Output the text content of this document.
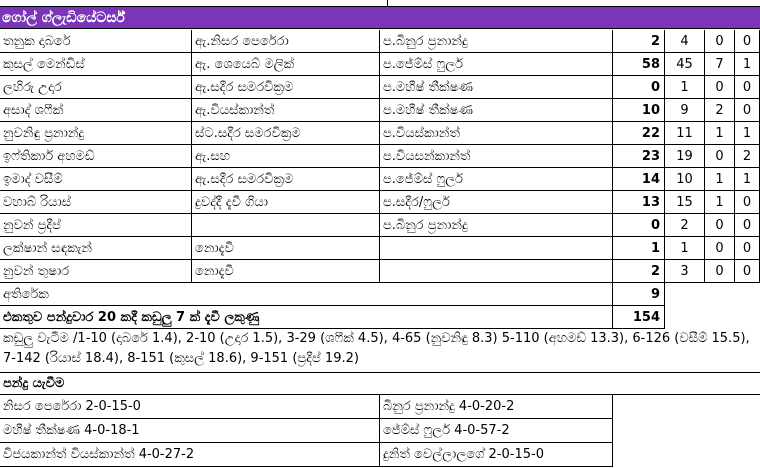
ගෝල් ග්ලැඩියේටර්ස්
තනුක දාබරේ	ඇ.නිසර පෙරේරා	ප.බිනුර ප්‍රනාන්දු	2	4	0	0
කුසල් මෙන්ඩිස්	ඇ. ශෙයෙබ් මලික්	ප.ජේම්ස් ෆුලර්	58	45	7	1
ලහිරු උදාර	ඇ.සදීර සමරවික්‍රම	ප.මහීෂ් තීක්ෂණ	0	1	0	0
අසාද් ශෆීක්	ඇ.වියස්කාන්ත්	ප.මහීෂ් තීක්ෂණ	10	9	2	0
නුවනිඳු ප්‍රනාන්දු	ස්ට.සදීර සමරවික්‍රම	ප.වියස්කාන්ත්	22	11	1	1
ඉෆ්තිකාර් අහමඩ්	ඇ.සහ	ප.වියසන්කාන්ත්	23	19	0	2
ඉමාද් වසීම්	ඇ.සදීර සමරවික්‍රම	ප.ජේම්ස් ෆුලර්	14	10	1	1
වහාබ් රියාස්	දුවද්දී දැවී ගියා	ප.සදීර/ෆුලර්	13	15	1	0
නුවන් ප්‍රදීප්	ප.බිනුර ප්‍රනාන්දු	0	2	0	0
ලක්ෂාන් සඳකැන්	නොදැවී	1	1	0	0
නුවන් තුෂාර	නොදැවී	2	3	0	0
අතිරේක	9
එකතුව පන්දුවාර 20 කදී කඩුලු 7 ක් දැවී ලකුණු	154
කඩුලු වැටීම /1-10 (දාබරේ 1.4), 2-10 (උදාර 1.5), 3-29 (ශෆීක් 4.5), 4-65 (නුවනිඳු 8.3) 5-110 (අහමඩ් 13.3), 6-126 (වසීම් 15.5), 7-142 (රියාස් 18.4), 8-151 (කුසල් 18.6), 9-151 (ප්‍රදීප් 19.2)
පන්දු යැවීම
නිසර පෙරේරා 2-0-15-0	බිනුර ප්‍රනාන්දු 4-0-20-2
මහීෂ් තීක්ෂණ 4-0-18-1	ජේම්ස් ෆුලර් 4-0-57-2
විජයකාන්ත් වියස්කාන්ත් 4-0-27-2	දුනිත් වෙල්ලාලගේ 2-0-15-0
